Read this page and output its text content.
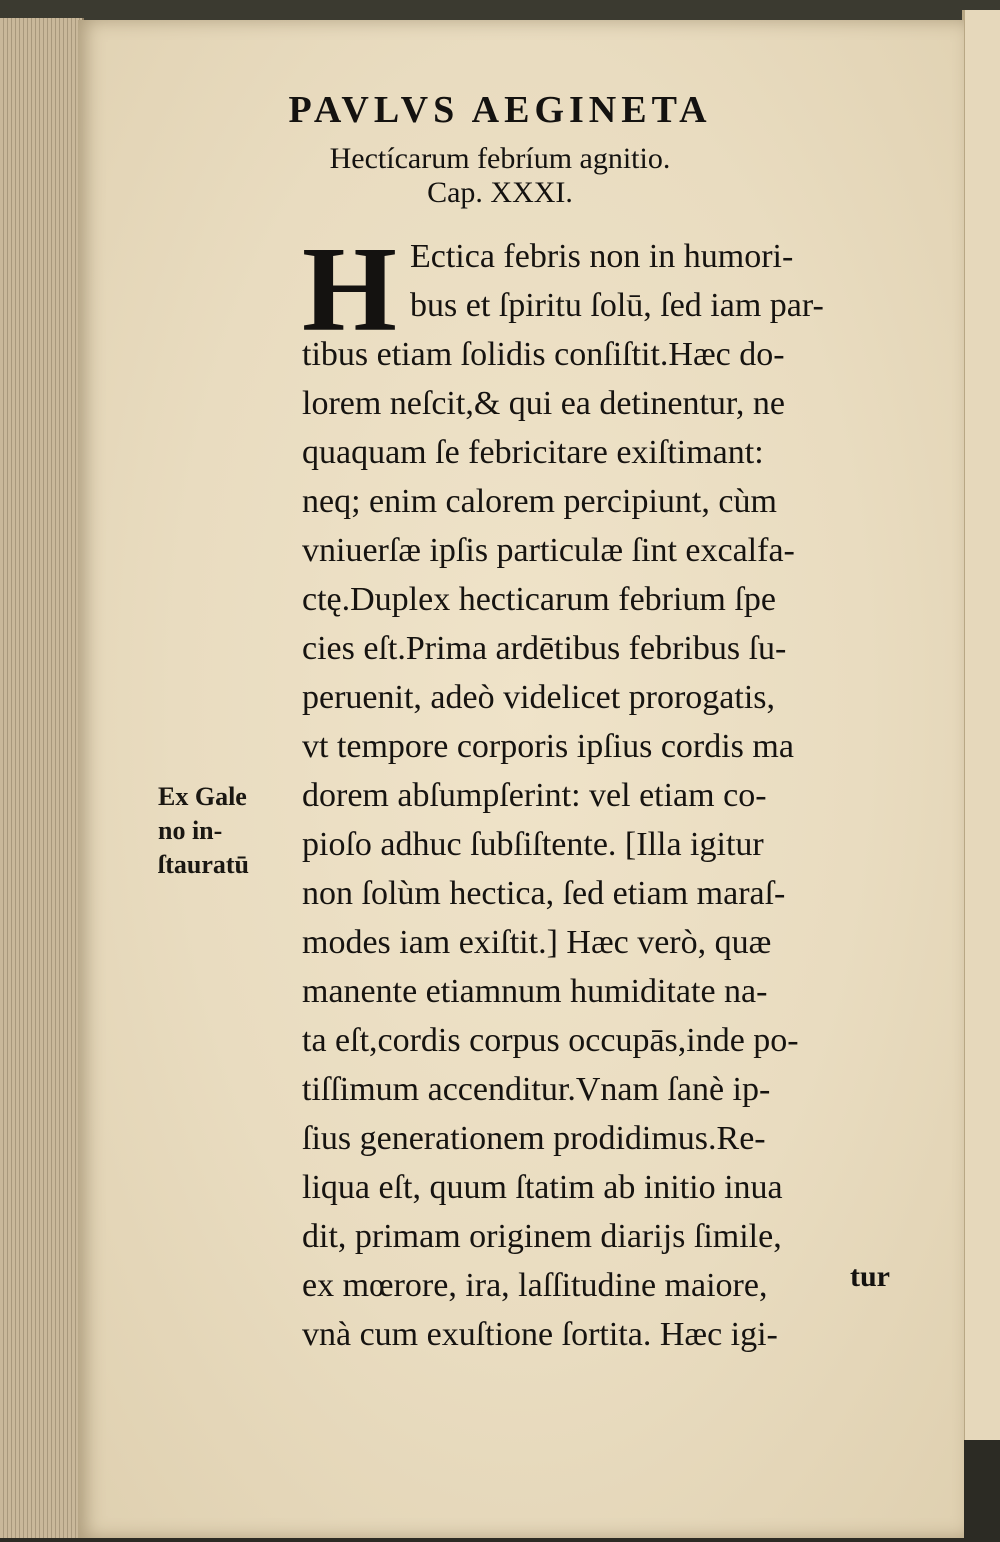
PAVLVS AEGINETA
Hectícarum febríum agnitio.
Cap. XXXI.
H Ectica febris non in humori-
bus et ſpiritu ſolū, ſed iam par-
tibus etiam ſolidis conſiſtit.Hæc do-
lorem neſcit,& qui ea detinentur, ne
quaquam ſe febricitare exiſtimant:
neq; enim calorem percipiunt, cùm
vniuerſæ ipſis particulæ ſint excalfa-
ctę.Duplex hecticarum febrium ſpe
cies eſt.Prima ardētibus febribus ſu-
peruenit, adeò videlicet prorogatis,
vt tempore corporis ipſius cordis ma
dorem abſumpſerint: vel etiam co-
pioſo adhuc ſubſiſtente. [Illa igitur
non ſolùm hectica, ſed etiam maraſ-
modes iam exiſtit.] Hæc verò, quæ
manente etiamnum humiditate na-
ta eſt,cordis corpus occupās,inde po-
tiſſimum accenditur.Vnam ſanè ip-
ſius generationem prodidimus.Re-
liqua eſt, quum ſtatim ab initio inua
dit, primam originem diarijs ſimile,
ex mœrore, ira, laſſitudine maiore,
vnà cum exuſtione ſortita. Hæc igi-
Ex Gale
no in-
ſtauratū
tur
